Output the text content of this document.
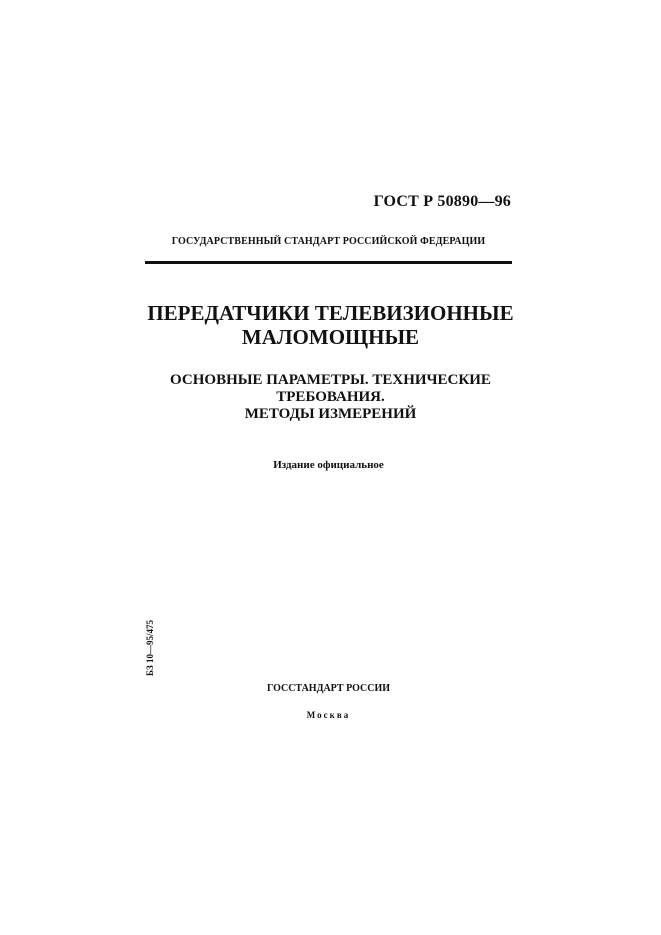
ГОСТ Р 50890—96
ГОСУДАРСТВЕННЫЙ СТАНДАРТ РОССИЙСКОЙ ФЕДЕРАЦИИ
ПЕРЕДАТЧИКИ ТЕЛЕВИЗИОННЫЕ
МАЛОМОЩНЫЕ
ОСНОВНЫЕ ПАРАМЕТРЫ. ТЕХНИЧЕСКИЕ
ТРЕБОВАНИЯ.
МЕТОДЫ ИЗМЕРЕНИЙ
Издание официальное
БЗ 10—95/475
ГОССТАНДАРТ РОССИИ
Москва
